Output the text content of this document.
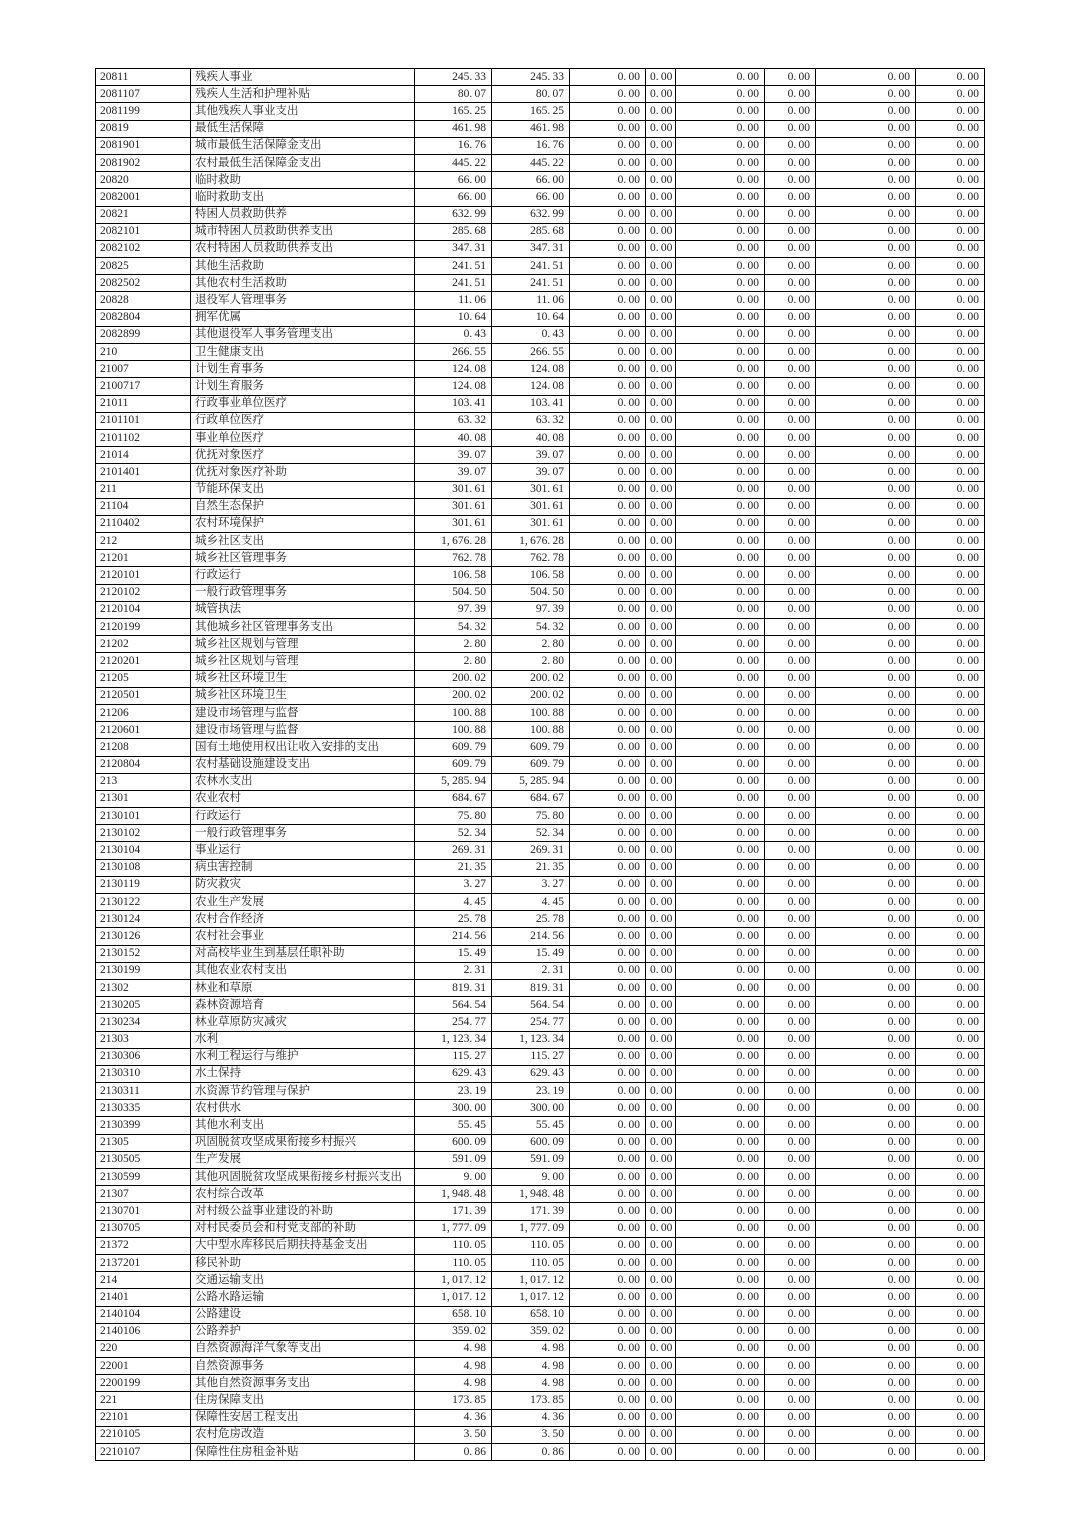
20811	残疾人事业	245. 33	245. 33	0. 00	0. 00	0. 00	0. 00	0. 00	0. 00
2081107	残疾人生活和护理补贴	80. 07	80. 07	0. 00	0. 00	0. 00	0. 00	0. 00	0. 00
2081199	其他残疾人事业支出	165. 25	165. 25	0. 00	0. 00	0. 00	0. 00	0. 00	0. 00
20819	最低生活保障	461. 98	461. 98	0. 00	0. 00	0. 00	0. 00	0. 00	0. 00
2081901	城市最低生活保障金支出	16. 76	16. 76	0. 00	0. 00	0. 00	0. 00	0. 00	0. 00
2081902	农村最低生活保障金支出	445. 22	445. 22	0. 00	0. 00	0. 00	0. 00	0. 00	0. 00
20820	临时救助	66. 00	66. 00	0. 00	0. 00	0. 00	0. 00	0. 00	0. 00
2082001	临时救助支出	66. 00	66. 00	0. 00	0. 00	0. 00	0. 00	0. 00	0. 00
20821	特困人员救助供养	632. 99	632. 99	0. 00	0. 00	0. 00	0. 00	0. 00	0. 00
2082101	城市特困人员救助供养支出	285. 68	285. 68	0. 00	0. 00	0. 00	0. 00	0. 00	0. 00
2082102	农村特困人员救助供养支出	347. 31	347. 31	0. 00	0. 00	0. 00	0. 00	0. 00	0. 00
20825	其他生活救助	241. 51	241. 51	0. 00	0. 00	0. 00	0. 00	0. 00	0. 00
2082502	其他农村生活救助	241. 51	241. 51	0. 00	0. 00	0. 00	0. 00	0. 00	0. 00
20828	退役军人管理事务	11. 06	11. 06	0. 00	0. 00	0. 00	0. 00	0. 00	0. 00
2082804	拥军优属	10. 64	10. 64	0. 00	0. 00	0. 00	0. 00	0. 00	0. 00
2082899	其他退役军人事务管理支出	0. 43	0. 43	0. 00	0. 00	0. 00	0. 00	0. 00	0. 00
210	卫生健康支出	266. 55	266. 55	0. 00	0. 00	0. 00	0. 00	0. 00	0. 00
21007	计划生育事务	124. 08	124. 08	0. 00	0. 00	0. 00	0. 00	0. 00	0. 00
2100717	计划生育服务	124. 08	124. 08	0. 00	0. 00	0. 00	0. 00	0. 00	0. 00
21011	行政事业单位医疗	103. 41	103. 41	0. 00	0. 00	0. 00	0. 00	0. 00	0. 00
2101101	行政单位医疗	63. 32	63. 32	0. 00	0. 00	0. 00	0. 00	0. 00	0. 00
2101102	事业单位医疗	40. 08	40. 08	0. 00	0. 00	0. 00	0. 00	0. 00	0. 00
21014	优抚对象医疗	39. 07	39. 07	0. 00	0. 00	0. 00	0. 00	0. 00	0. 00
2101401	优抚对象医疗补助	39. 07	39. 07	0. 00	0. 00	0. 00	0. 00	0. 00	0. 00
211	节能环保支出	301. 61	301. 61	0. 00	0. 00	0. 00	0. 00	0. 00	0. 00
21104	自然生态保护	301. 61	301. 61	0. 00	0. 00	0. 00	0. 00	0. 00	0. 00
2110402	农村环境保护	301. 61	301. 61	0. 00	0. 00	0. 00	0. 00	0. 00	0. 00
212	城乡社区支出	1, 676. 28	1, 676. 28	0. 00	0. 00	0. 00	0. 00	0. 00	0. 00
21201	城乡社区管理事务	762. 78	762. 78	0. 00	0. 00	0. 00	0. 00	0. 00	0. 00
2120101	行政运行	106. 58	106. 58	0. 00	0. 00	0. 00	0. 00	0. 00	0. 00
2120102	一般行政管理事务	504. 50	504. 50	0. 00	0. 00	0. 00	0. 00	0. 00	0. 00
2120104	城管执法	97. 39	97. 39	0. 00	0. 00	0. 00	0. 00	0. 00	0. 00
2120199	其他城乡社区管理事务支出	54. 32	54. 32	0. 00	0. 00	0. 00	0. 00	0. 00	0. 00
21202	城乡社区规划与管理	2. 80	2. 80	0. 00	0. 00	0. 00	0. 00	0. 00	0. 00
2120201	城乡社区规划与管理	2. 80	2. 80	0. 00	0. 00	0. 00	0. 00	0. 00	0. 00
21205	城乡社区环境卫生	200. 02	200. 02	0. 00	0. 00	0. 00	0. 00	0. 00	0. 00
2120501	城乡社区环境卫生	200. 02	200. 02	0. 00	0. 00	0. 00	0. 00	0. 00	0. 00
21206	建设市场管理与监督	100. 88	100. 88	0. 00	0. 00	0. 00	0. 00	0. 00	0. 00
2120601	建设市场管理与监督	100. 88	100. 88	0. 00	0. 00	0. 00	0. 00	0. 00	0. 00
21208	国有土地使用权出让收入安排的支出	609. 79	609. 79	0. 00	0. 00	0. 00	0. 00	0. 00	0. 00
2120804	农村基础设施建设支出	609. 79	609. 79	0. 00	0. 00	0. 00	0. 00	0. 00	0. 00
213	农林水支出	5, 285. 94	5, 285. 94	0. 00	0. 00	0. 00	0. 00	0. 00	0. 00
21301	农业农村	684. 67	684. 67	0. 00	0. 00	0. 00	0. 00	0. 00	0. 00
2130101	行政运行	75. 80	75. 80	0. 00	0. 00	0. 00	0. 00	0. 00	0. 00
2130102	一般行政管理事务	52. 34	52. 34	0. 00	0. 00	0. 00	0. 00	0. 00	0. 00
2130104	事业运行	269. 31	269. 31	0. 00	0. 00	0. 00	0. 00	0. 00	0. 00
2130108	病虫害控制	21. 35	21. 35	0. 00	0. 00	0. 00	0. 00	0. 00	0. 00
2130119	防灾救灾	3. 27	3. 27	0. 00	0. 00	0. 00	0. 00	0. 00	0. 00
2130122	农业生产发展	4. 45	4. 45	0. 00	0. 00	0. 00	0. 00	0. 00	0. 00
2130124	农村合作经济	25. 78	25. 78	0. 00	0. 00	0. 00	0. 00	0. 00	0. 00
2130126	农村社会事业	214. 56	214. 56	0. 00	0. 00	0. 00	0. 00	0. 00	0. 00
2130152	对高校毕业生到基层任职补助	15. 49	15. 49	0. 00	0. 00	0. 00	0. 00	0. 00	0. 00
2130199	其他农业农村支出	2. 31	2. 31	0. 00	0. 00	0. 00	0. 00	0. 00	0. 00
21302	林业和草原	819. 31	819. 31	0. 00	0. 00	0. 00	0. 00	0. 00	0. 00
2130205	森林资源培育	564. 54	564. 54	0. 00	0. 00	0. 00	0. 00	0. 00	0. 00
2130234	林业草原防灾减灾	254. 77	254. 77	0. 00	0. 00	0. 00	0. 00	0. 00	0. 00
21303	水利	1, 123. 34	1, 123. 34	0. 00	0. 00	0. 00	0. 00	0. 00	0. 00
2130306	水利工程运行与维护	115. 27	115. 27	0. 00	0. 00	0. 00	0. 00	0. 00	0. 00
2130310	水土保持	629. 43	629. 43	0. 00	0. 00	0. 00	0. 00	0. 00	0. 00
2130311	水资源节约管理与保护	23. 19	23. 19	0. 00	0. 00	0. 00	0. 00	0. 00	0. 00
2130335	农村供水	300. 00	300. 00	0. 00	0. 00	0. 00	0. 00	0. 00	0. 00
2130399	其他水利支出	55. 45	55. 45	0. 00	0. 00	0. 00	0. 00	0. 00	0. 00
21305	巩固脱贫攻坚成果衔接乡村振兴	600. 09	600. 09	0. 00	0. 00	0. 00	0. 00	0. 00	0. 00
2130505	生产发展	591. 09	591. 09	0. 00	0. 00	0. 00	0. 00	0. 00	0. 00
2130599	其他巩固脱贫攻坚成果衔接乡村振兴支出	9. 00	9. 00	0. 00	0. 00	0. 00	0. 00	0. 00	0. 00
21307	农村综合改革	1, 948. 48	1, 948. 48	0. 00	0. 00	0. 00	0. 00	0. 00	0. 00
2130701	对村级公益事业建设的补助	171. 39	171. 39	0. 00	0. 00	0. 00	0. 00	0. 00	0. 00
2130705	对村民委员会和村党支部的补助	1, 777. 09	1, 777. 09	0. 00	0. 00	0. 00	0. 00	0. 00	0. 00
21372	大中型水库移民后期扶持基金支出	110. 05	110. 05	0. 00	0. 00	0. 00	0. 00	0. 00	0. 00
2137201	移民补助	110. 05	110. 05	0. 00	0. 00	0. 00	0. 00	0. 00	0. 00
214	交通运输支出	1, 017. 12	1, 017. 12	0. 00	0. 00	0. 00	0. 00	0. 00	0. 00
21401	公路水路运输	1, 017. 12	1, 017. 12	0. 00	0. 00	0. 00	0. 00	0. 00	0. 00
2140104	公路建设	658. 10	658. 10	0. 00	0. 00	0. 00	0. 00	0. 00	0. 00
2140106	公路养护	359. 02	359. 02	0. 00	0. 00	0. 00	0. 00	0. 00	0. 00
220	自然资源海洋气象等支出	4. 98	4. 98	0. 00	0. 00	0. 00	0. 00	0. 00	0. 00
22001	自然资源事务	4. 98	4. 98	0. 00	0. 00	0. 00	0. 00	0. 00	0. 00
2200199	其他自然资源事务支出	4. 98	4. 98	0. 00	0. 00	0. 00	0. 00	0. 00	0. 00
221	住房保障支出	173. 85	173. 85	0. 00	0. 00	0. 00	0. 00	0. 00	0. 00
22101	保障性安居工程支出	4. 36	4. 36	0. 00	0. 00	0. 00	0. 00	0. 00	0. 00
2210105	农村危房改造	3. 50	3. 50	0. 00	0. 00	0. 00	0. 00	0. 00	0. 00
2210107	保障性住房租金补贴	0. 86	0. 86	0. 00	0. 00	0. 00	0. 00	0. 00	0. 00
